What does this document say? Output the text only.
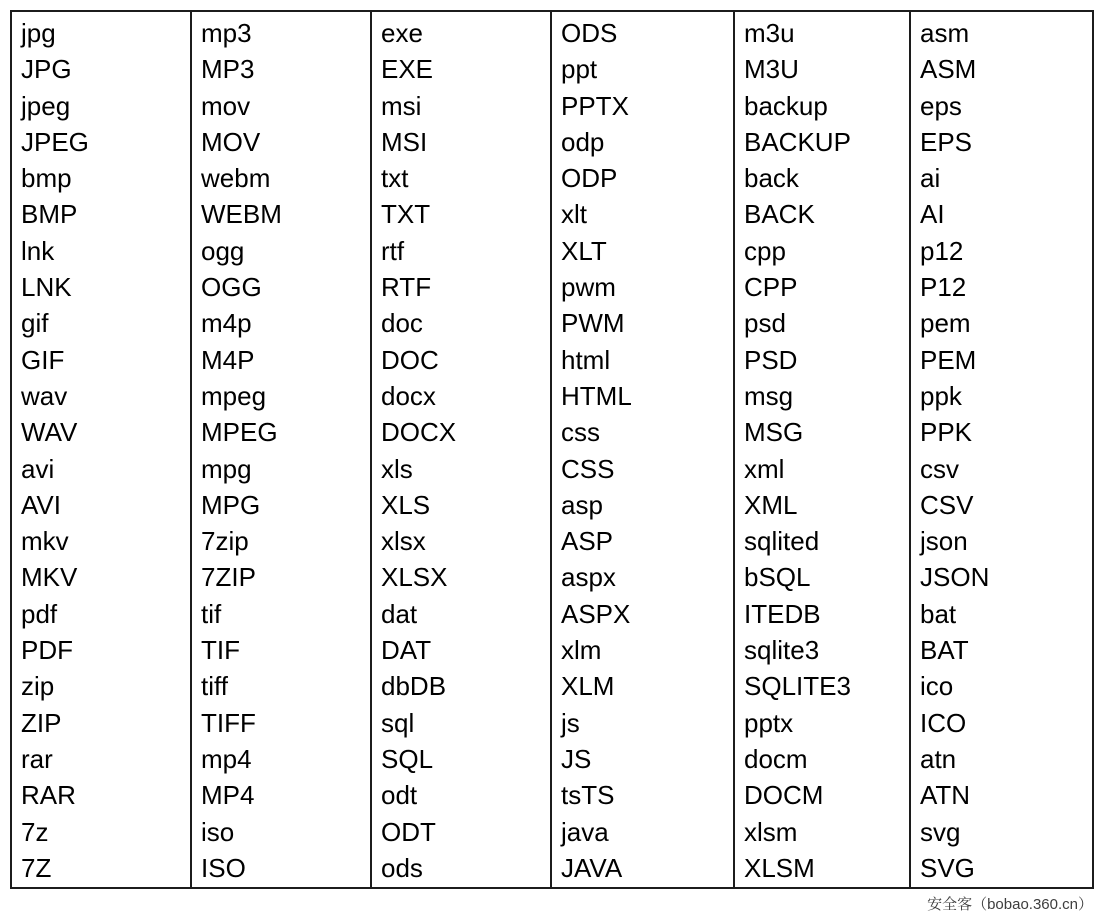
jpg
JPG
jpeg
JPEG
bmp
BMP
lnk
LNK
gif
GIF
wav
WAV
avi
AVI
mkv
MKV
pdf
PDF
zip
ZIP
rar
RAR
7z
7Z
mp3
MP3
mov
MOV
webm
WEBM
ogg
OGG
m4p
M4P
mpeg
MPEG
mpg
MPG
7zip
7ZIP
tif
TIF
tiff
TIFF
mp4
MP4
iso
ISO
exe
EXE
msi
MSI
txt
TXT
rtf
RTF
doc
DOC
docx
DOCX
xls
XLS
xlsx
XLSX
dat
DAT
dbDB
sql
SQL
odt
ODT
ods
ODS
ppt
PPTX
odp
ODP
xlt
XLT
pwm
PWM
html
HTML
css
CSS
asp
ASP
aspx
ASPX
xlm
XLM
js
JS
tsTS
java
JAVA
m3u
M3U
backup
BACKUP
back
BACK
cpp
CPP
psd
PSD
msg
MSG
xml
XML
sqlited
bSQL
ITEDB
sqlite3
SQLITE3
pptx
docm
DOCM
xlsm
XLSM
asm
ASM
eps
EPS
ai
AI
p12
P12
pem
PEM
ppk
PPK
csv
CSV
json
JSON
bat
BAT
ico
ICO
atn
ATN
svg
SVG
安全客（bobao.360.cn）
